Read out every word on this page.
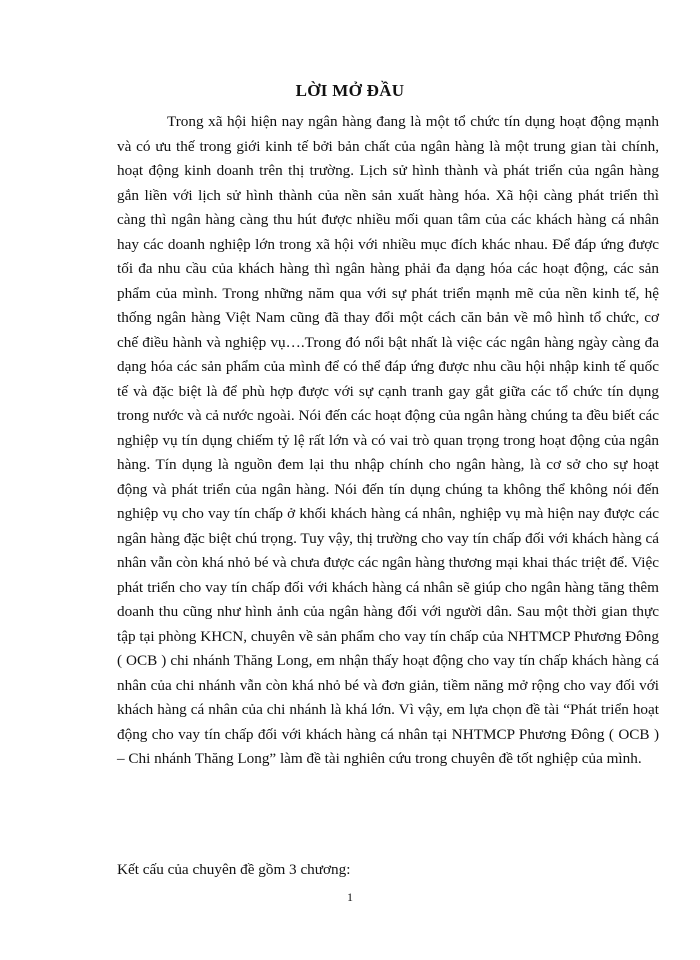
LỜI MỞ ĐẦU

Trong xã hội hiện nay ngân hàng đang là một tổ chức tín dụng hoạt động mạnh và có ưu thế trong giới kinh tế bởi bản chất của ngân hàng là một trung gian tài chính, hoạt động kinh doanh trên thị trường. Lịch sử hình thành và phát triển của ngân hàng gắn liền với lịch sử hình thành của nền sản xuất hàng hóa. Xã hội càng phát triển thì càng thì ngân hàng càng thu hút được nhiều mối quan tâm của các khách hàng cá nhân hay các doanh nghiệp lớn trong xã hội với nhiều mục đích khác nhau. Để đáp ứng được tối đa nhu cầu của khách hàng thì ngân hàng phải đa dạng hóa các hoạt động, các sản phẩm của mình. Trong những năm qua với sự phát triển mạnh mẽ của nền kinh tế, hệ thống ngân hàng Việt Nam cũng đã thay đổi một cách căn bản về mô hình tổ chức, cơ chế điều hành và nghiệp vụ….Trong đó nổi bật nhất là việc các ngân hàng ngày càng đa dạng hóa các sản phẩm của mình để có thể đáp ứng được nhu cầu hội nhập kinh tế quốc tế và đặc biệt là để phù hợp được với sự cạnh tranh gay gắt giữa các tổ chức tín dụng trong nước và cả nước ngoài. Nói đến các hoạt động của ngân hàng chúng ta đều biết các nghiệp vụ tín dụng chiếm tỷ lệ rất lớn và có vai trò quan trọng trong hoạt động của ngân hàng. Tín dụng là nguồn đem lại thu nhập chính cho ngân hàng, là cơ sở cho sự hoạt động và phát triển của ngân hàng. Nói đến tín dụng chúng ta không thể không nói đến nghiệp vụ cho vay tín chấp ở khối khách hàng cá nhân, nghiệp vụ mà hiện nay được các ngân hàng đặc biệt chú trọng. Tuy vậy, thị trường cho vay tín chấp đối với khách hàng cá nhân vẫn còn khá nhỏ bé và chưa được các ngân hàng thương mại khai thác triệt để. Việc phát triển cho vay tín chấp đối với khách hàng cá nhân sẽ giúp cho ngân hàng tăng thêm doanh thu cũng như hình ảnh của ngân hàng đối với người dân. Sau một thời gian thực tập tại phòng KHCN, chuyên về sản phẩm cho vay tín chấp của NHTMCP Phương Đông ( OCB ) chi nhánh Thăng Long, em nhận thấy hoạt động cho vay tín chấp khách hàng cá nhân của chi nhánh vẫn còn khá nhỏ bé và đơn giản, tiềm năng mở rộng cho vay đối với khách hàng cá nhân của chi nhánh là khá lớn. Vì vậy, em lựa chọn đề tài “Phát triển hoạt động cho vay tín chấp đối với khách hàng cá nhân tại NHTMCP Phương Đông ( OCB ) – Chi nhánh Thăng Long” làm đề tài nghiên cứu trong chuyên đề tốt nghiệp của mình.

Kết cấu của chuyên đề gồm 3 chương:

1
